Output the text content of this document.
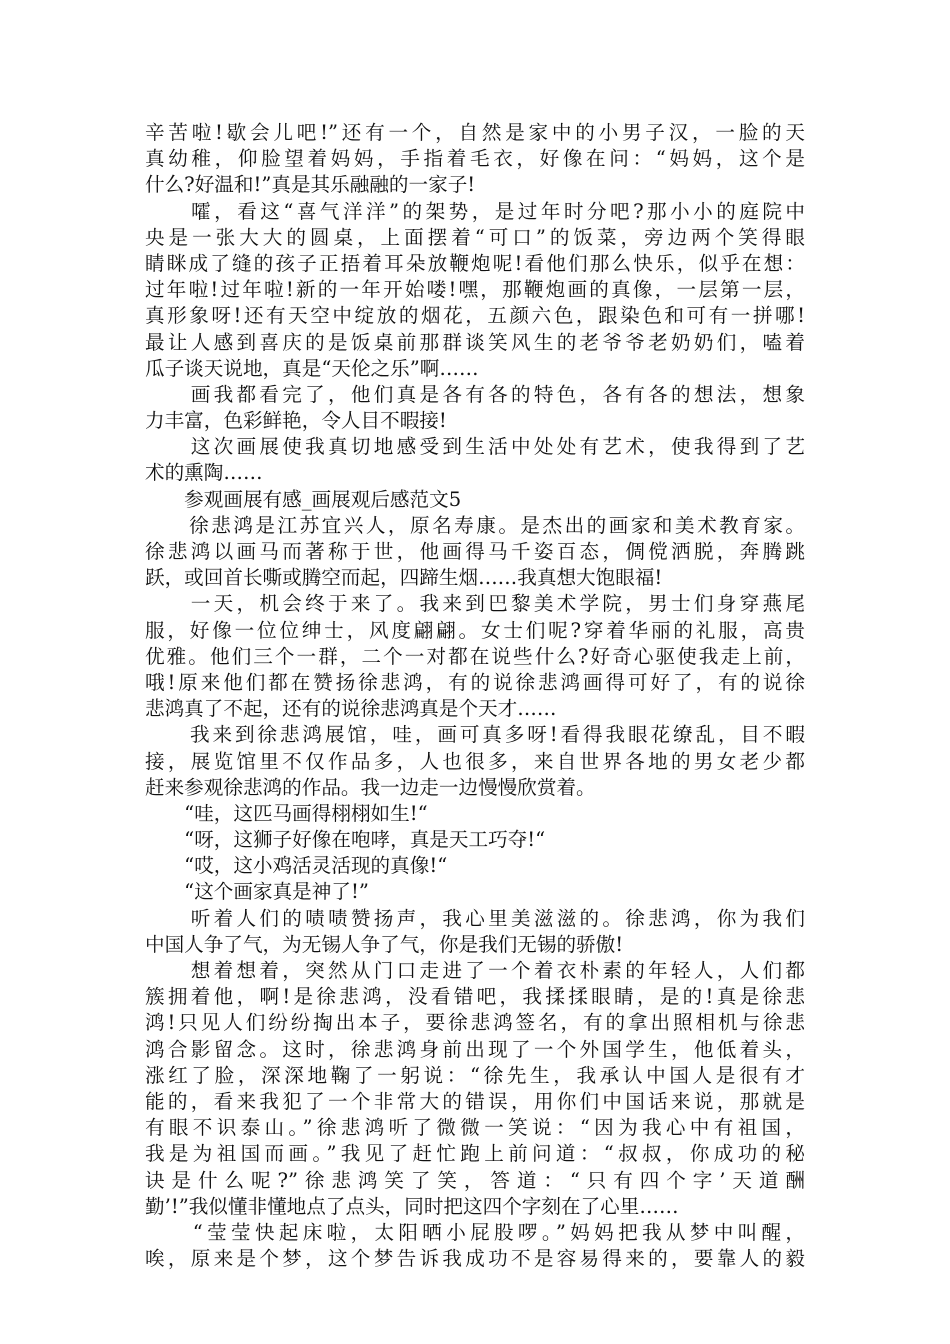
辛苦啦!歇会儿吧!”还有一个，自然是家中的小男子汉，一脸的天
真幼稚，仰脸望着妈妈，手指着毛衣，好像在问：“妈妈，这个是
什么?好温和!”真是其乐融融的一家子!
　　嚯，看这“喜气洋洋”的架势，是过年时分吧?那小小的庭院中
央是一张大大的圆桌，上面摆着“可口”的饭菜，旁边两个笑得眼
睛眯成了缝的孩子正捂着耳朵放鞭炮呢!看他们那么快乐，似乎在想：
过年啦!过年啦!新的一年开始喽!嘿，那鞭炮画的真像，一层第一层，
真形象呀!还有天空中绽放的烟花，五颜六色，跟染色和可有一拼哪!
最让人感到喜庆的是饭桌前那群谈笑风生的老爷爷老奶奶们，嗑着
瓜子谈天说地，真是“天伦之乐”啊……
　　画我都看完了，他们真是各有各的特色，各有各的想法，想象
力丰富，色彩鲜艳，令人目不暇接!
　　这次画展使我真切地感受到生活中处处有艺术，使我得到了艺
术的熏陶……
　　参观画展有感_画展观后感范文5
　　徐悲鸿是江苏宜兴人，原名寿康。是杰出的画家和美术教育家。
徐悲鸿以画马而著称于世，他画得马千姿百态，倜傥洒脱，奔腾跳
跃，或回首长嘶或腾空而起，四蹄生烟……我真想大饱眼福!
　　一天，机会终于来了。我来到巴黎美术学院，男士们身穿燕尾
服，好像一位位绅士，风度翩翩。女士们呢?穿着华丽的礼服，高贵
优雅。他们三个一群，二个一对都在说些什么?好奇心驱使我走上前，
哦!原来他们都在赞扬徐悲鸿，有的说徐悲鸿画得可好了，有的说徐
悲鸿真了不起，还有的说徐悲鸿真是个天才……
　　我来到徐悲鸿展馆，哇，画可真多呀!看得我眼花缭乱，目不暇
接，展览馆里不仅作品多，人也很多，来自世界各地的男女老少都
赶来参观徐悲鸿的作品。我一边走一边慢慢欣赏着。
　　“哇，这匹马画得栩栩如生!“
　　“呀，这狮子好像在咆哮，真是天工巧夺!“
　　“哎，这小鸡活灵活现的真像!“
　　“这个画家真是神了!”
　　听着人们的啧啧赞扬声，我心里美滋滋的。徐悲鸿，你为我们
中国人争了气，为无锡人争了气，你是我们无锡的骄傲!
　　想着想着，突然从门口走进了一个着衣朴素的年轻人，人们都
簇拥着他，啊!是徐悲鸿，没看错吧，我揉揉眼睛，是的!真是徐悲
鸿!只见人们纷纷掏出本子，要徐悲鸿签名，有的拿出照相机与徐悲
鸿合影留念。这时，徐悲鸿身前出现了一个外国学生，他低着头，
涨红了脸，深深地鞠了一躬说：“徐先生，我承认中国人是很有才
能的，看来我犯了一个非常大的错误，用你们中国话来说，那就是
有眼不识泰山。”徐悲鸿听了微微一笑说：“因为我心中有祖国，
我是为祖国而画。”我见了赶忙跑上前问道：“叔叔，你成功的秘
诀是什么呢?”徐悲鸿笑了笑，答道：“只有四个字’天道酬
勤’!”我似懂非懂地点了点头，同时把这四个字刻在了心里……
　　“莹莹快起床啦，太阳晒小屁股啰。”妈妈把我从梦中叫醒，
唉，原来是个梦，这个梦告诉我成功不是容易得来的，要靠人的毅
